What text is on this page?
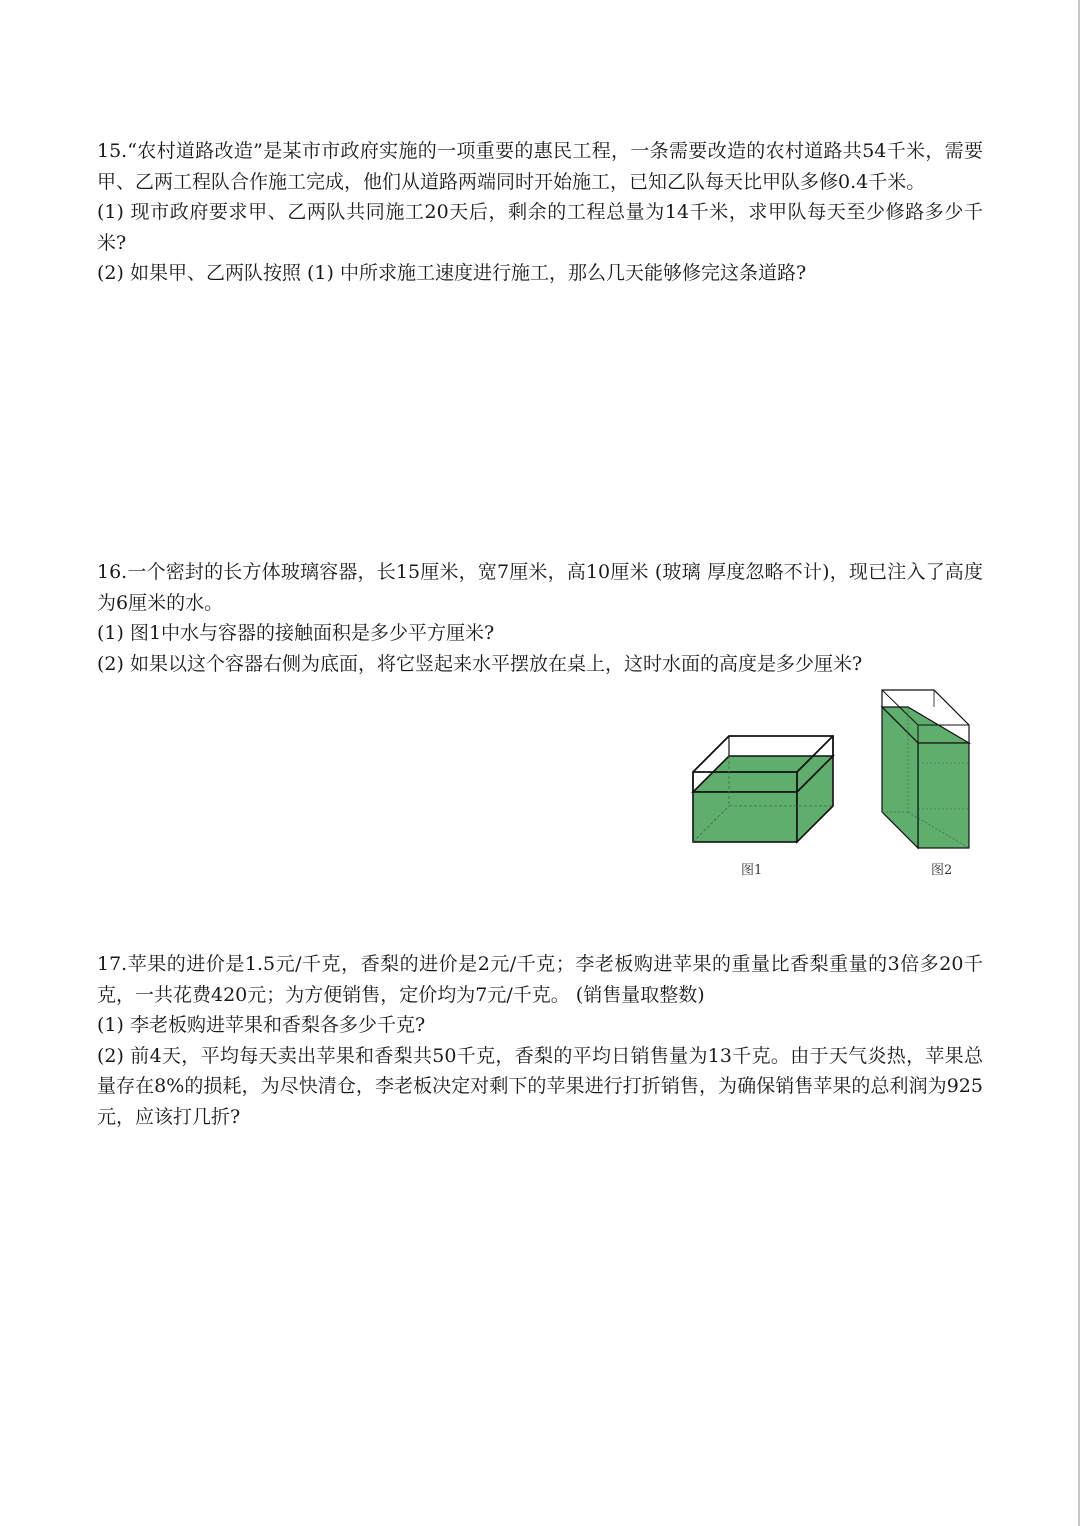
15.“农村道路改造”是某市市政府实施的一项重要的惠民工程，一条需要改造的农村道路共54千米，需要甲、乙两工程队合作施工完成，他们从道路两端同时开始施工，已知乙队每天比甲队多修0.4千米。

(1) 现市政府要求甲、乙两队共同施工20天后，剩余的工程总量为14千米，求甲队每天至少修路多少千米?

(2) 如果甲、乙两队按照 (1) 中所求施工速度进行施工，那么几天能够修完这条道路?

16.一个密封的长方体玻璃容器，长15厘米，宽7厘米，高10厘米 (玻璃 厚度忽略不计)，现已注入了高度为6厘米的水。

(1) 图1中水与容器的接触面积是多少平方厘米?

(2) 如果以这个容器右侧为底面，将它竖起来水平摆放在桌上，这时水面的高度是多少厘米?

图1	图2

17.苹果的进价是1.5元/千克，香梨的进价是2元/千克；李老板购进苹果的重量比香梨重量的3倍多20千克，一共花费420元；为方便销售，定价均为7元/千克。 (销售量取整数)

(1) 李老板购进苹果和香梨各多少千克?

(2) 前4天，平均每天卖出苹果和香梨共50千克，香梨的平均日销售量为13千克。由于天气炎热，苹果总量存在8%的损耗，为尽快清仓，李老板决定对剩下的苹果进行打折销售，为确保销售苹果的总利润为925元，应该打几折?
